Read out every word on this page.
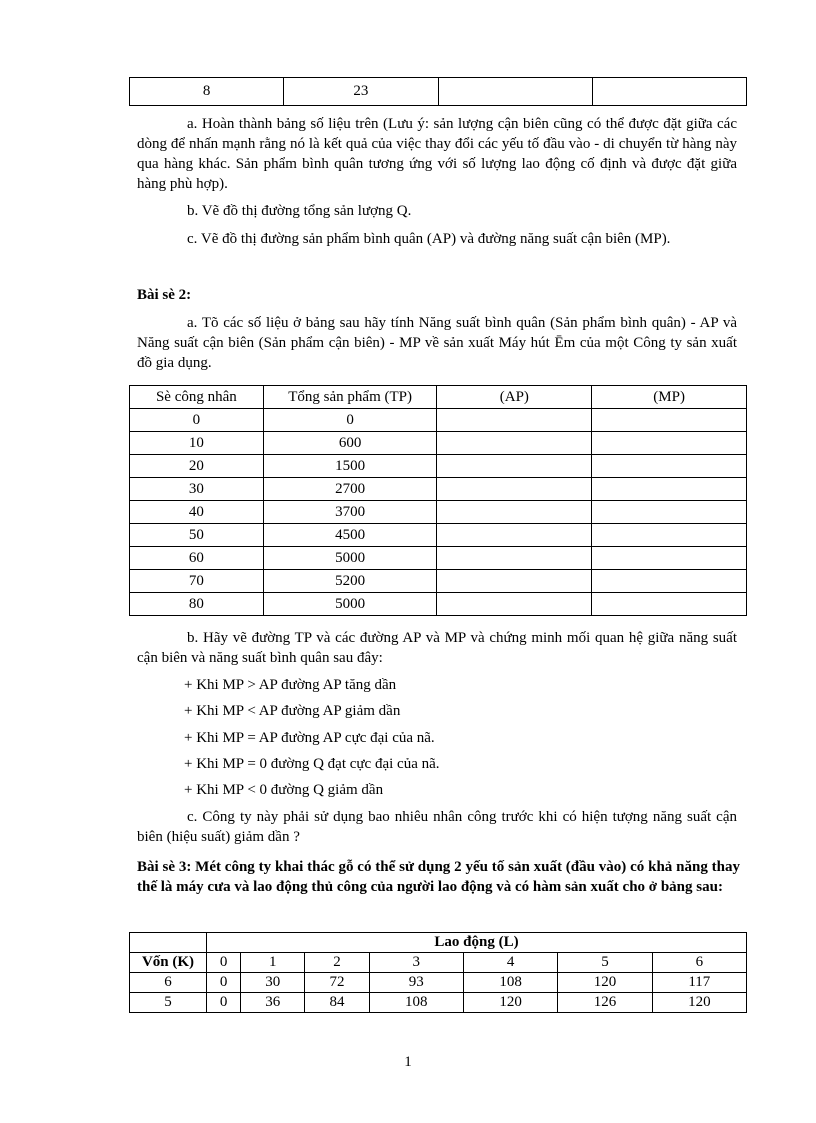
8	23		

a. Hoàn thành bảng số liệu trên (Lưu ý: sản lượng cận biên cũng có thể được đặt giữa các dòng để nhấn mạnh rằng nó là kết quả của việc thay đổi các yếu tố đầu vào - di chuyển từ hàng này qua hàng khác. Sản phẩm bình quân tương ứng với số lượng lao động cố định và được đặt giữa hàng phù hợp).

b. Vẽ đồ thị đường tổng sản lượng Q.

c. Vẽ đồ thị đường sản phẩm bình quân (AP) và đường năng suất cận biên (MP).

Bài sè 2:

a. Tõ các số liệu ở bảng sau hãy tính Năng suất bình quân (Sản phẩm bình quân) - AP và Năng suất cận biên (Sản phẩm cận biên) - MP về sản xuất Máy hút Ēm của một Công ty sản xuất đồ gia dụng.

Sè công nhân	Tổng sản phẩm (TP)	(AP)	(MP)
0	0		
10	600		
20	1500		
30	2700		
40	3700		
50	4500		
60	5000		
70	5200		
80	5000		

b. Hãy vẽ đường TP và các đường AP và MP và chứng minh mối quan hệ giữa năng suất cận biên và năng suất bình quân sau đây:

+ Khi MP > AP đường AP tăng dần

+ Khi MP < AP đường AP giảm dần

+ Khi MP = AP đường AP cực đại của nã.

+ Khi MP = 0 đường Q đạt cực đại của nã.

+ Khi MP < 0 đường Q giảm dần

c. Công ty này phải sử dụng bao nhiêu nhân công trước khi có hiện tượng năng suất cận biên (hiệu suất) giảm dần ?

Bài sè 3: Mét công ty khai thác gỗ có thể sử dụng 2 yếu tố sản xuất (đầu vào) có khả năng thay thế là máy cưa và lao động thủ công của người lao động và có hàm sản xuất cho ở bảng sau:

	Lao động (L)						
Vốn (K)	0	1	2	3	4	5	6
6	0	30	72	93	108	120	117
5	0	36	84	108	120	126	120

1
